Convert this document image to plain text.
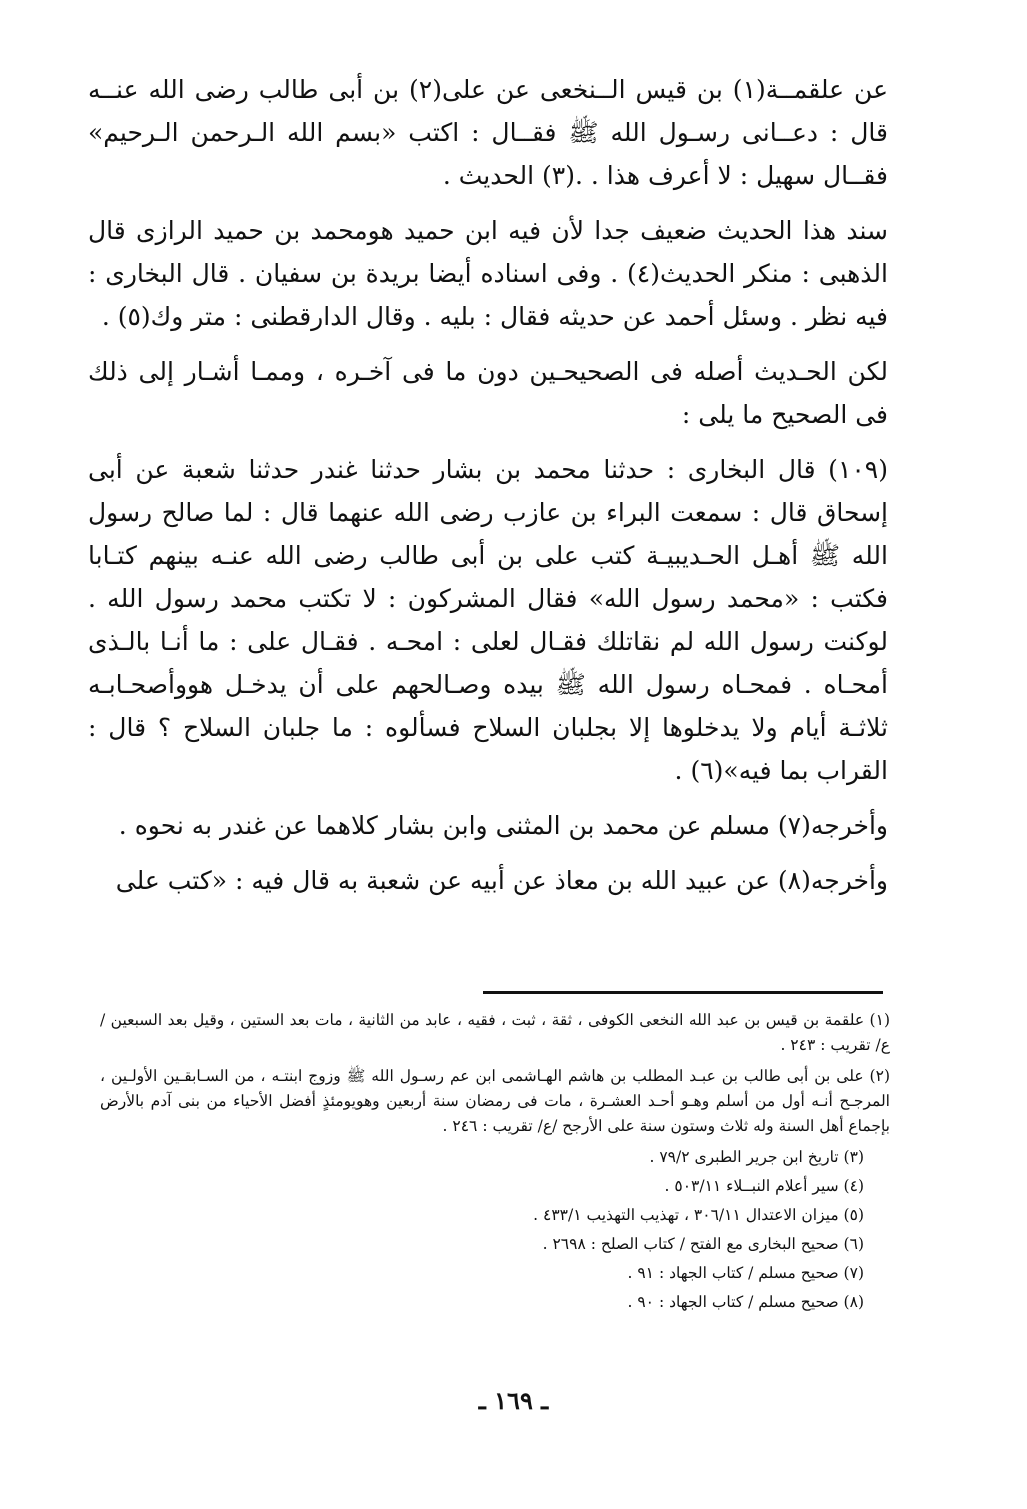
عن علقمــة(١) بن قيس الــنخعى عن على(٢) بن أبى طالب رضى الله عنــه قال : دعــانى رسـول الله ﷺ فقــال : اكتب «بسم الله الـرحمن الـرحيم» فقــال سهيل : لا أعرف هذا . .(٣) الحديث .

سند هذا الحديث ضعيف جدا لأن فيه ابن حميد هومحمد بن حميد الرازى قال الذهبى : منكر الحديث(٤) . وفى اسناده أيضا بريدة بن سفيان . قال البخارى : فيه نظر . وسئل أحمد عن حديثه فقال : بليه . وقال الدارقطنى : متر وك(٥) .

لكن الحـديث أصله فى الصحيحـين دون ما فى آخـره ، وممـا أشـار إلى ذلك فى الصحيح ما يلى :

(١٠٩) قال البخارى : حدثنا محمد بن بشار حدثنا غندر حدثنا شعبة عن أبى إسحاق قال : سمعت البراء بن عازب رضى الله عنهما قال : لما صالح رسول الله ﷺ أهـل الحـديبيـة كتب على بن أبى طالب رضى الله عنـه بينهم كتـابا فكتب : «محمد رسول الله» فقال المشركون : لا تكتب محمد رسول الله . لوكنت رسول الله لم نقاتلك فقـال لعلى : امحـه . فقـال على : ما أنـا بالـذى أمحـاه . فمحـاه رسول الله ﷺ بيده وصـالحهم على أن يدخـل هووأصحـابـه ثلاثـة أيام ولا يدخلوها إلا بجلبان السلاح فسألوه : ما جلبان السلاح ؟ قال : القراب بما فيه»(٦) .

وأخرجه(٧) مسلم عن محمد بن المثنى وابن بشار كلاهما عن غندر به نحوه .

وأخرجه(٨) عن عبيد الله بن معاذ عن أبيه عن شعبة به قال فيه : «كتب على

(١) علقمة بن قيس بن عبد الله النخعى الكوفى ، ثقة ، ثبت ، فقيه ، عابد من الثانية ، مات بعد الستين ، وقيل بعد السبعين /ع/ تقريب : ٢٤٣ .

(٢) على بن أبى طالب بن عبـد المطلب بن هاشم الهـاشمى ابن عم رسـول الله ﷺ وزوج ابنتـه ، من السـابقـين الأولـين ، المرجـح أنـه أول من أسلم وهـو أحـد العشـرة ، مات فى رمضان سنة أربعين وهويومئذٍ أفضل الأحياء من بنى آدم بالأرض بإجماع أهل السنة وله ثلاث وستون سنة على الأرجح /ع/ تقريب : ٢٤٦ .

(٣) تاريخ ابن جرير الطبرى ٧٩/٢ .

(٤) سير أعلام النبــلاء ٥٠٣/١١ .

(٥) ميزان الاعتدال ٣٠٦/١١ ، تهذيب التهذيب ٤٣٣/١ .

(٦) صحيح البخارى مع الفتح / كتاب الصلح : ٢٦٩٨ .

(٧) صحيح مسلم / كتاب الجهاد : ٩١ .

(٨) صحيح مسلم / كتاب الجهاد : ٩٠ .

ـ ١٦٩ ـ
